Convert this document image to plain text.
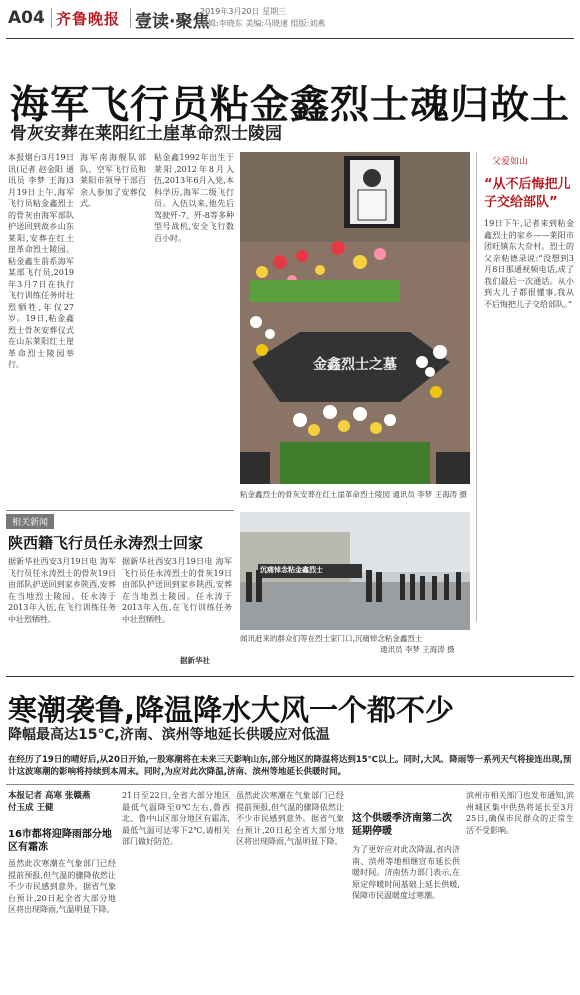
A04 齐鲁晚报 壹读·聚焦
2019年3月20日 星期三
编辑:李晓东 美编:马晓速 组版:刘燕
海军飞行员粘金鑫烈士魂归故土
骨灰安葬在莱阳红土崖革命烈士陵园
本报烟台3月19日讯(记者 赵金阳 通讯员 李梦 王海)3月19日上午,海军飞行员粘金鑫烈士的骨灰由海军部队护送回到故乡山东莱阳,安葬在红土崖革命烈士陵园。粘金鑫生前系海军某部飞行员,2019年3月7日在执行飞行训练任务时壮烈牺牲,年仅27岁。19日,粘金鑫烈士骨灰安葬仪式在山东莱阳红土崖革命烈士陵园举行。
海军南海舰队部队、空军飞行员和莱阳市领导干部百余人参加了安葬仪式。
粘金鑫1992年出生于莱阳,2012年8月入伍,2013年6月入党,本科学历,海军二级飞行员。入伍以来,他先后驾驶歼-7、歼-8等多种型号战机,安全飞行数百小时。
金鑫烈士之墓
粘金鑫烈士的骨灰安葬在红土崖革命烈士陵园 通讯员 李梦 王海涛 摄
父爱如山
“从不后悔把儿子交给部队”
19日下午,记者来到粘金鑫烈士的家乡——莱阳市团旺镇东大夼村。烈士的父亲粘德录说:“没想到3月8日那通视频电话,成了我们最后一次通话。从小到大儿子都很懂事,我从不后悔把儿子交给部队。”
相关新闻
陕西籍飞行员任永涛烈士回家
据新华社西安3月19日电 海军飞行员任永涛烈士的骨灰19日由部队护送回到家乡陕西,安葬在当地烈士陵园。任永涛于2013年入伍,在飞行训练任务中壮烈牺牲。
据新华社西安3月19日电 海军飞行员任永涛烈士的骨灰19日由部队护送回到家乡陕西,安葬在当地烈士陵园。任永涛于2013年入伍,在飞行训练任务中壮烈牺牲。
据新华社
沉痛悼念粘金鑫烈士
闻讯赶来的群众们等在烈士家门口,沉痛悼念粘金鑫烈士
通讯员 李梦 王海涛 摄
寒潮袭鲁,降温降水大风一个都不少
降幅最高达15℃,济南、滨州等地延长供暖应对低温
在经历了19日的晴好后,从20日开始,一股寒潮将在未来三天影响山东,部分地区的降温将达到15℃以上。同时,大风、降雨等一系列天气将接连出现,预计这波寒潮的影响将持续到本周末。同时,为应对此次降温,济南、滨州等地延长供暖时间。
本报记者 高寒 张赣燕
付玉成 王健
16市都将迎降雨部分地区有霜冻
虽然此次寒潮在气象部门已经提前预报,但气温的骤降依然让不少市民感到意外。据省气象台预计,20日起全省大部分地区将出现降雨,气温明显下降。
21日至22日,全省大部分地区最低气温降至0℃左右,鲁西北、鲁中山区部分地区有霜冻,最低气温可达零下2℃,请相关部门做好防范。
虽然此次寒潮在气象部门已经提前预报,但气温的骤降依然让不少市民感到意外。据省气象台预计,20日起全省大部分地区将出现降雨,气温明显下降。
这个供暖季济南第二次延期停暖
为了更好应对此次降温,省内济南、滨州等地相继宣布延长供暖时间。济南热力部门表示,在原定停暖时间基础上延长供暖,保障市民温暖度过寒潮。
滨州市相关部门也发布通知,滨州城区集中供热将延长至3月25日,确保市民群众的正常生活不受影响。
